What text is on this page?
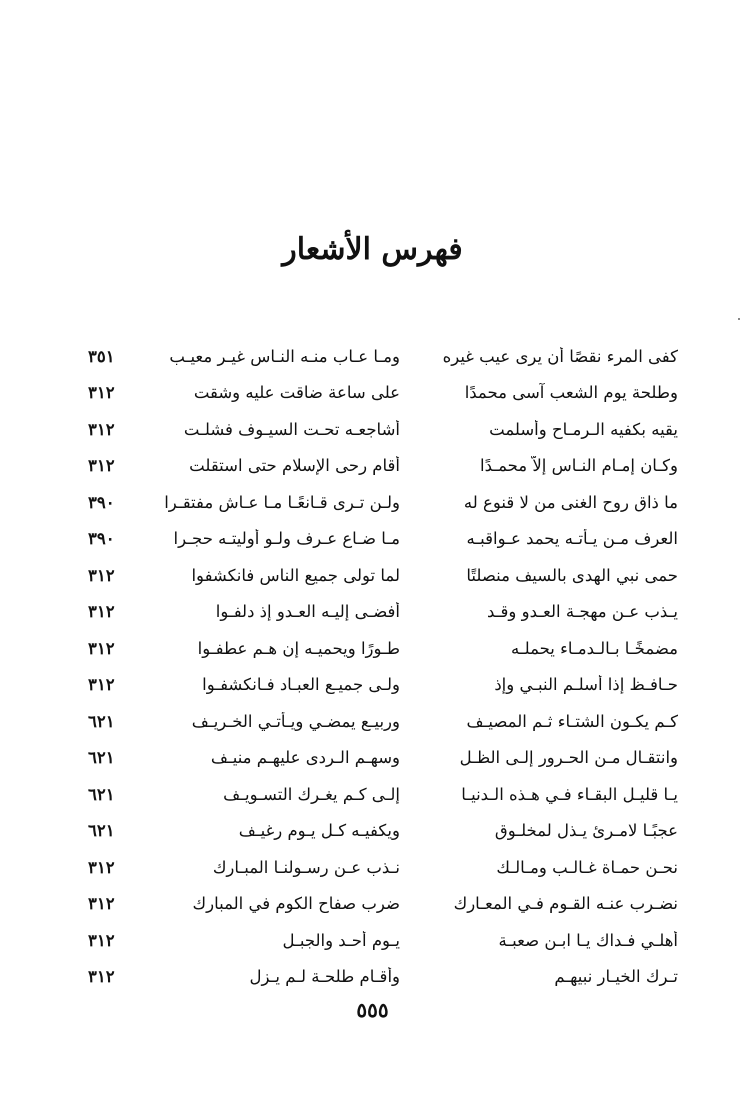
فهرس الأشعار
كفى المرء نقصًا أن يرى عيب غيره
ومـا عـاب منـه النـاس غيـر معيـب
٣٥١
وطلحة يوم الشعب آسى محمدًا
على ساعة ضاقت عليه وشقت
٣١٢
يقيه بكفيه الـرمـاح وأسلمت
أشاجعـه تحـت السيـوف فشلـت
٣١٢
وكـان إمـام النـاس إلاَّ محمـدًا
أقام رحى الإسلام حتى استقلت
٣١٢
ما ذاق روح الغنى من لا قنوع له
ولـن تـرى قـانعًـا مـا عـاش مفتقـرا
٣٩٠
العرف مـن يـأتـه يحمد عـواقبـه
مـا ضـاع عـرف ولـو أوليتـه حجـرا
٣٩٠
حمى نبي الهدى بالسيف منصلتًا
لما تولى جميع الناس فانكشفوا
٣١٢
يـذب عـن مهجـة العـدو وقـد
أفضـى إليـه العـدو إذ دلفـوا
٣١٢
مضمخًـا بـالـدمـاء يحملـه
طـورًا ويحميـه إن هـم عطفـوا
٣١٢
حـافـظ إذا أسلـم النبـي وإذ
ولـى جميـع العبـاد فـانكشفـوا
٣١٢
كـم يكـون الشتـاء ثـم المصيـف
وربيـع يمضـي ويـأتـي الخـريـف
٦٢١
وانتقـال مـن الحـرور إلـى الظـل
وسهـم الـردى عليهـم منيـف
٦٢١
يـا قليـل البقـاء فـي هـذه الـدنيـا
إلـى كـم يغـرك التسـويـف
٦٢١
عجبًـا لامـرئ يـذل لمخلـوق
ويكفيـه كـل يـوم رغيـف
٦٢١
نحـن حمـاة غـالـب ومـالـك
نـذب عـن رسـولنـا المبـارك
٣١٢
نضـرب عنـه القـوم فـي المعـارك
ضرب صفاح الكوم في المبارك
٣١٢
أهلـي فـداك يـا ابـن صعبـة
يـوم أحـد والجبـل
٣١٢
تـرك الخيـار نبيهـم
وأقـام طلحـة لـم يـزل
٣١٢
٥٥٥
